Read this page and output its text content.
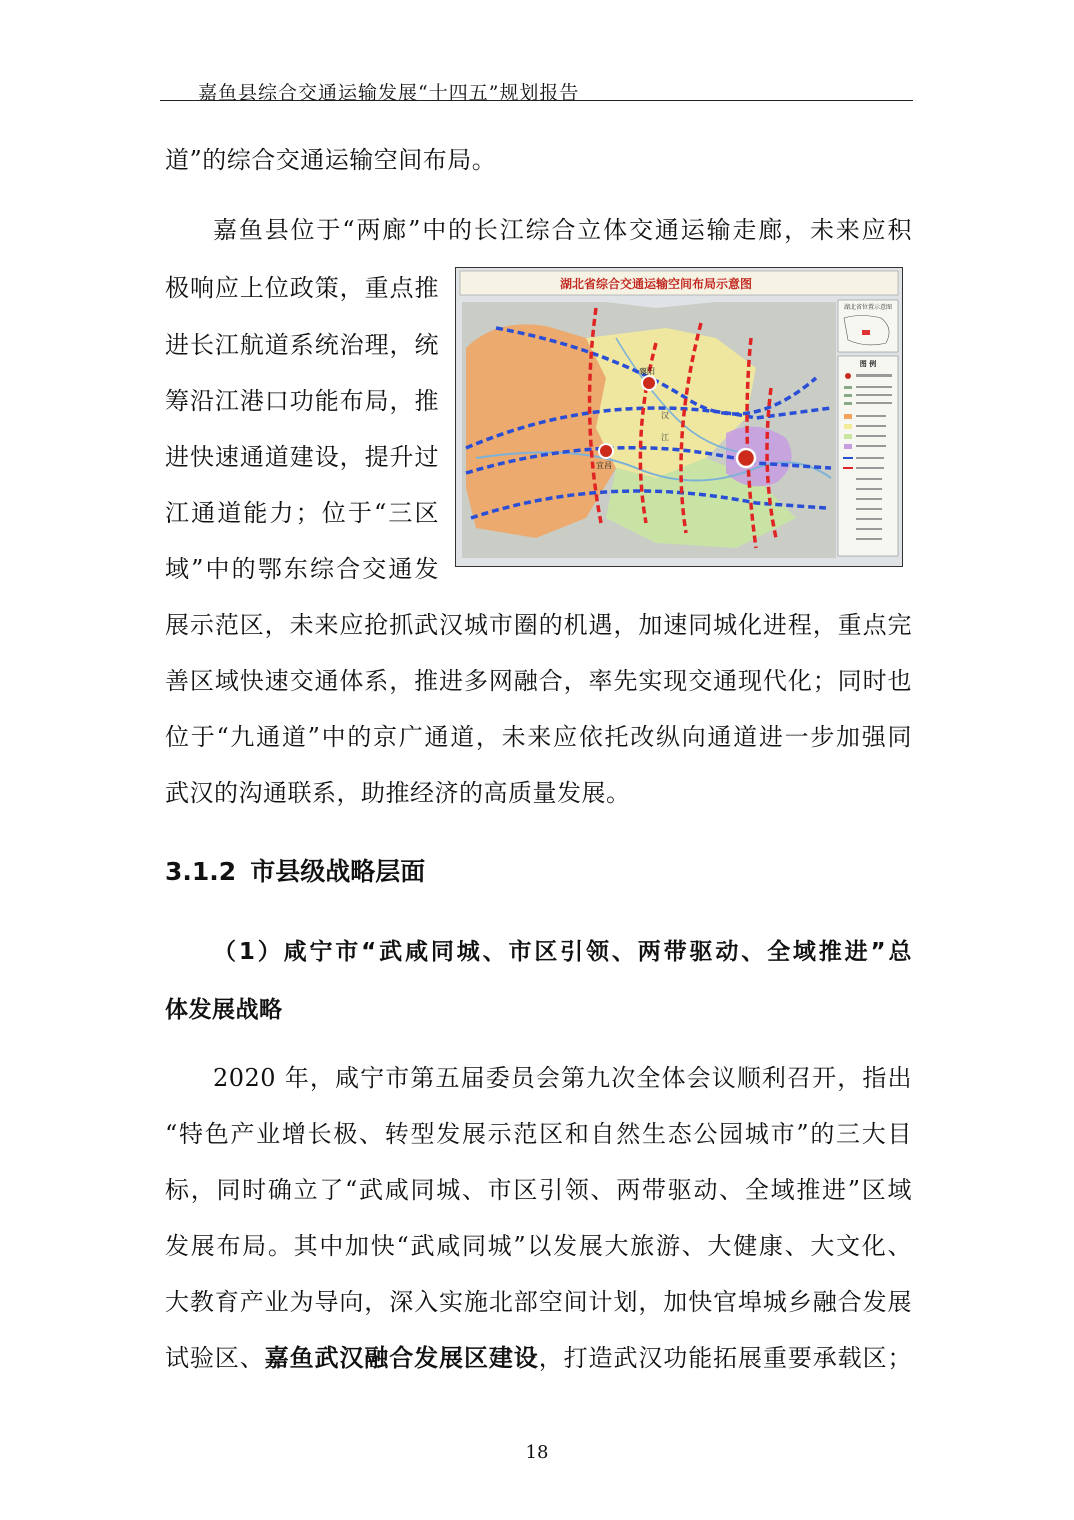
嘉鱼县综合交通运输发展“十四五”规划报告
道”的综合交通运输空间布局。
嘉鱼县位于“两廊”中的长江综合立体交通运输走廊，未来应积
极响应上位政策，重点推
进长江航道系统治理，统
筹沿江港口功能布局，推
进快速通道建设，提升过
江通道能力；位于“三区
域”中的鄂东综合交通发
展示范区，未来应抢抓武汉城市圈的机遇，加速同城化进程，重点完
善区域快速交通体系，推进多网融合，率先实现交通现代化；同时也
位于“九通道”中的京广通道，未来应依托改纵向通道进一步加强同
武汉的沟通联系，助推经济的高质量发展。
湖北省综合交通运输空间布局示意图
襄阳
宜昌
汉
江
湖北省位置示意图
图 例
3.1.2 市县级战略层面
（1）咸宁市“武咸同城、市区引领、两带驱动、全域推进”总
体发展战略
2020 年，咸宁市第五届委员会第九次全体会议顺利召开，指出
“特色产业增长极、转型发展示范区和自然生态公园城市”的三大目
标，同时确立了“武咸同城、市区引领、两带驱动、全域推进”区域
发展布局。其中加快“武咸同城”以发展大旅游、大健康、大文化、
大教育产业为导向，深入实施北部空间计划，加快官埠城乡融合发展
试验区、嘉鱼武汉融合发展区建设，打造武汉功能拓展重要承载区；
18
